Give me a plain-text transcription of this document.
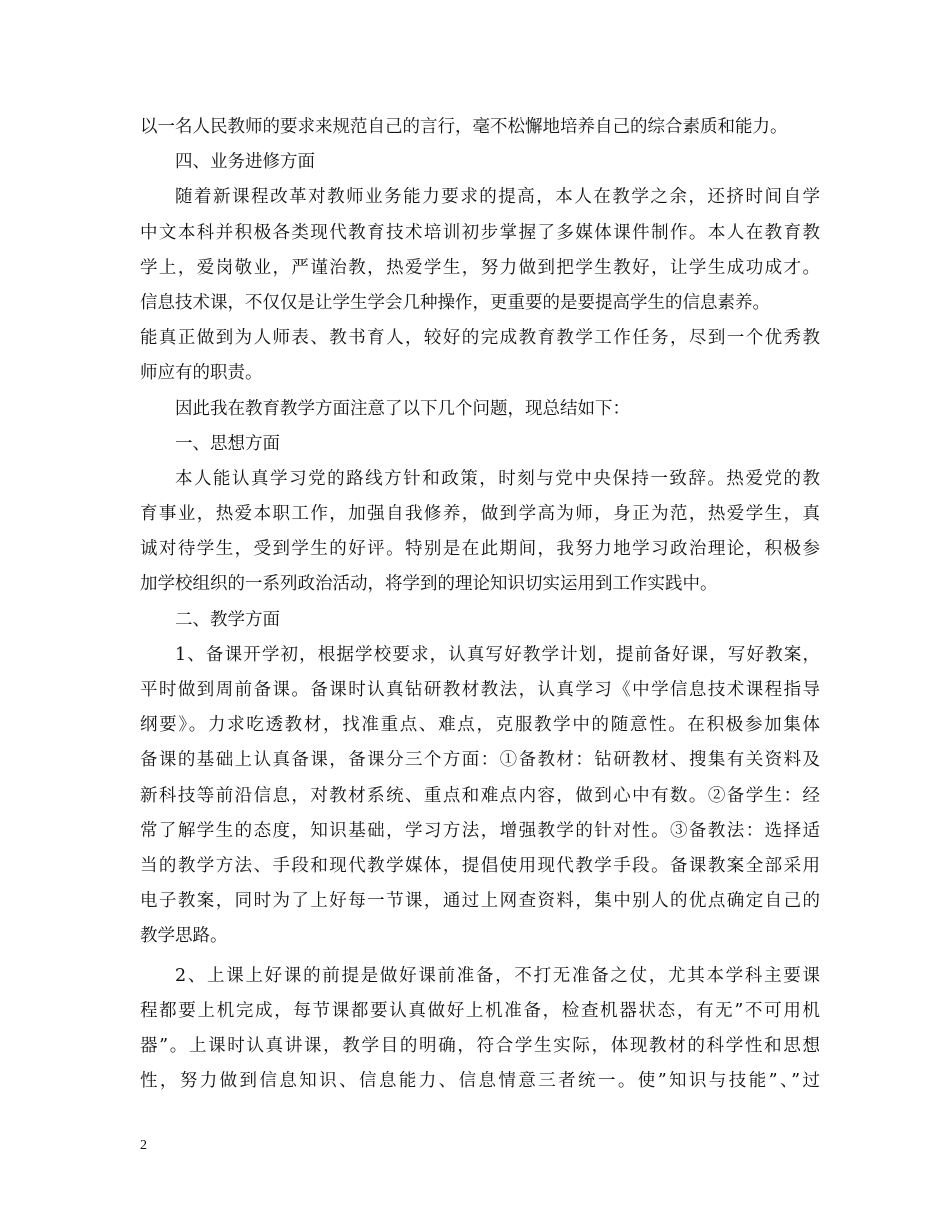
以一名人民教师的要求来规范自己的言行，毫不松懈地培养自己的综合素质和能力。
四、业务进修方面
随着新课程改革对教师业务能力要求的提高，本人在教学之余，还挤时间自学
中文本科并积极各类现代教育技术培训初步掌握了多媒体课件制作。本人在教育教
学上，爱岗敬业，严谨治教，热爱学生，努力做到把学生教好，让学生成功成才。
信息技术课，不仅仅是让学生学会几种操作，更重要的是要提高学生的信息素养。
能真正做到为人师表、教书育人，较好的完成教育教学工作任务，尽到一个优秀教
师应有的职责。
因此我在教育教学方面注意了以下几个问题，现总结如下：
一、思想方面
本人能认真学习党的路线方针和政策，时刻与党中央保持一致辞。热爱党的教
育事业，热爱本职工作，加强自我修养，做到学高为师，身正为范，热爱学生，真
诚对待学生，受到学生的好评。特别是在此期间，我努力地学习政治理论，积极参
加学校组织的一系列政治活动，将学到的理论知识切实运用到工作实践中。
二、教学方面
1、备课开学初，根据学校要求，认真写好教学计划，提前备好课，写好教案，
平时做到周前备课。备课时认真钻研教材教法，认真学习《中学信息技术课程指导
纲要》。力求吃透教材，找准重点、难点，克服教学中的随意性。在积极参加集体
备课的基础上认真备课，备课分三个方面：①备教材：钻研教材、搜集有关资料及
新科技等前沿信息，对教材系统、重点和难点内容，做到心中有数。②备学生：经
常了解学生的态度，知识基础，学习方法，增强教学的针对性。③备教法：选择适
当的教学方法、手段和现代教学媒体，提倡使用现代教学手段。备课教案全部采用
电子教案，同时为了上好每一节课，通过上网查资料，集中别人的优点确定自己的
教学思路。
2、上课上好课的前提是做好课前准备，不打无准备之仗，尤其本学科主要课
程都要上机完成，每节课都要认真做好上机准备，检查机器状态，有无”不可用机
器”。上课时认真讲课，教学目的明确，符合学生实际，体现教材的科学性和思想
性，努力做到信息知识、信息能力、信息情意三者统一。使”知识与技能”、”过
2
